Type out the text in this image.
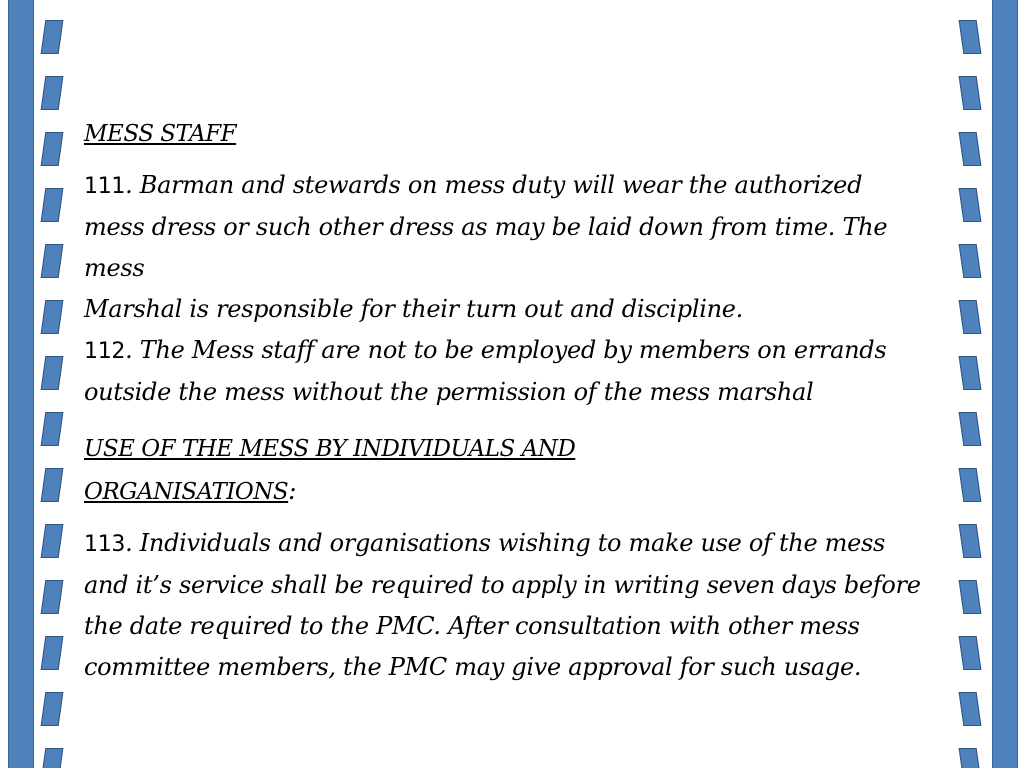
MESS STAFF

111. Barman and stewards on mess duty will wear the authorized
mess dress or such other dress as may be laid down from time. The mess
Marshal is responsible for their turn out and discipline.

112. The Mess staff are not to be employed by members on errands
outside the mess without the permission of the mess marshal

USE OF THE MESS BY INDIVIDUALS AND
ORGANISATIONS:

113. Individuals and organisations wishing to make use of the mess
and it’s service shall be required to apply in writing seven days before
the date required to the PMC. After consultation with other mess
committee members, the PMC may give approval for such usage.
